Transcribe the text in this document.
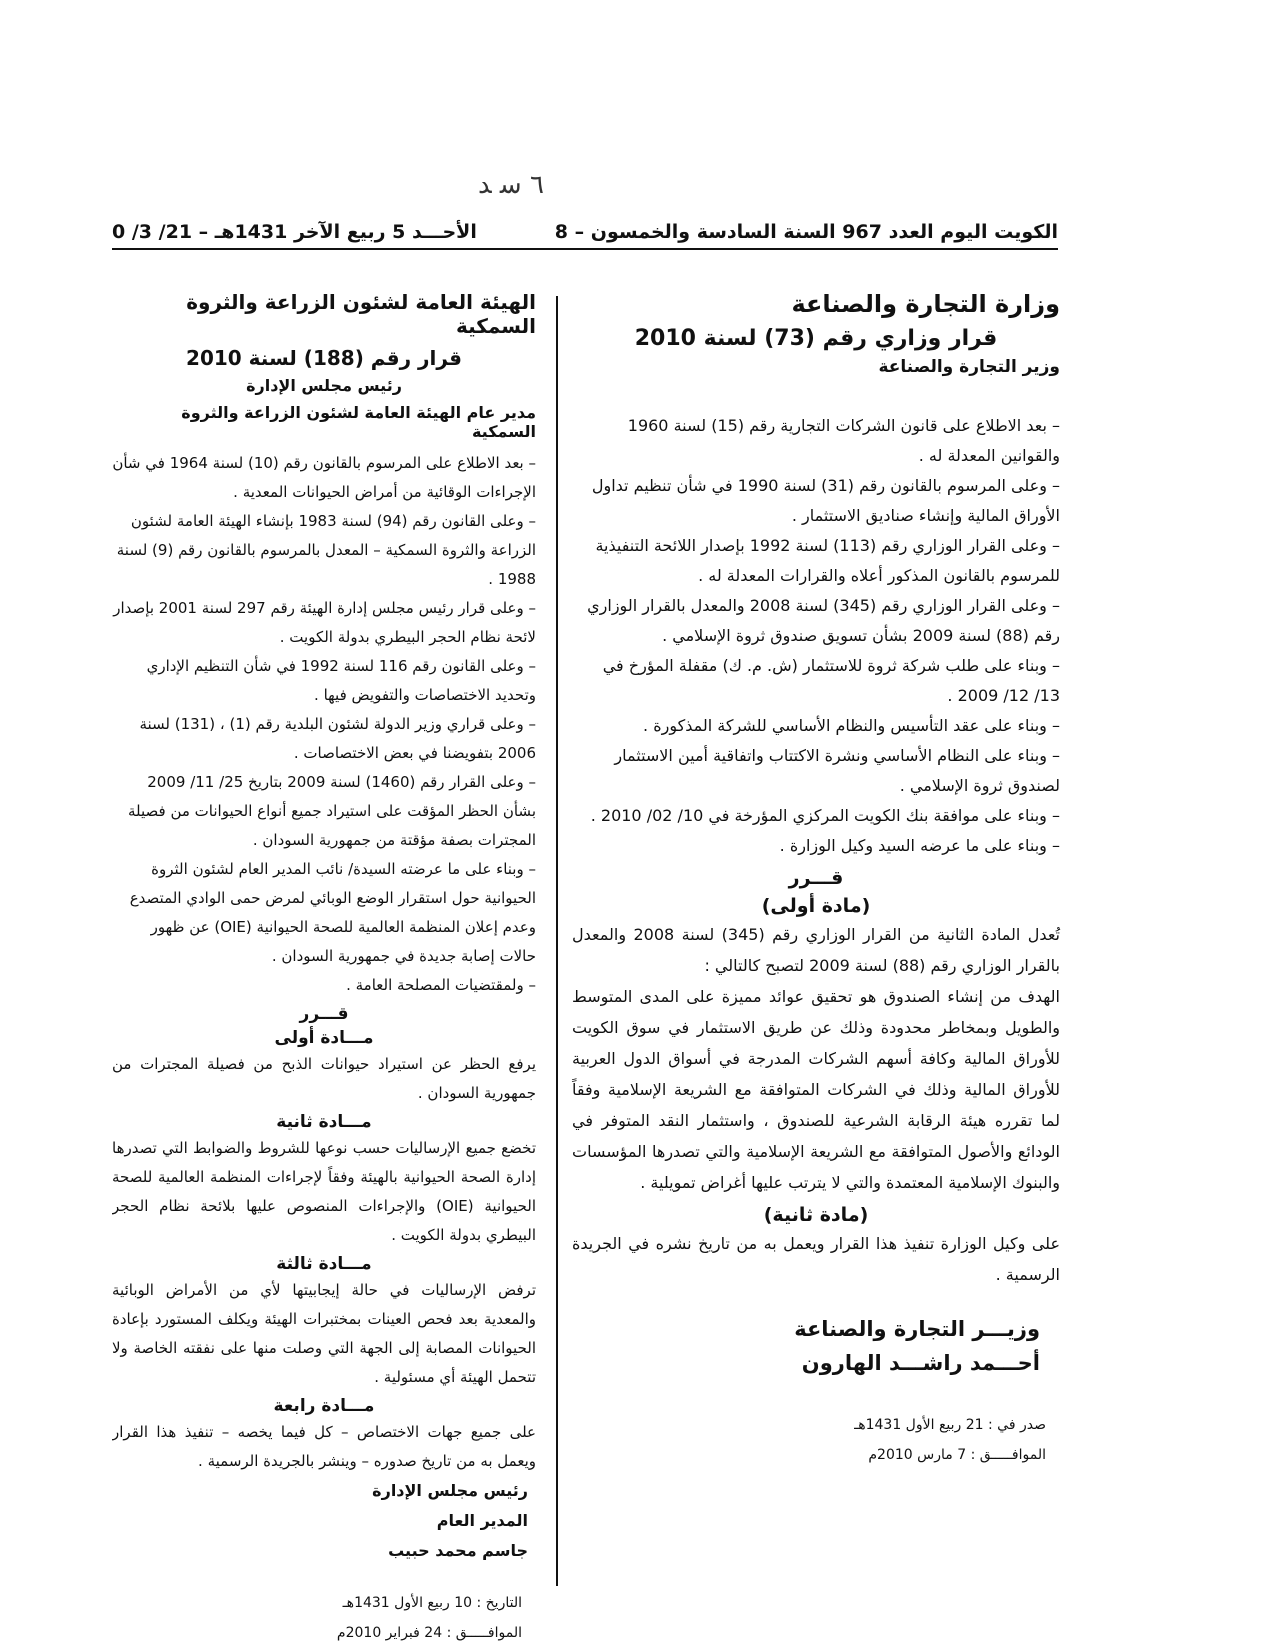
٦ ﺳ ﺪ
الأحـــد 5 ربيع الآخر 1431هـ – 21/ 3/ 0	الكويت اليوم العدد 967 السنة السادسة والخمسون – 8

وزارة التجارة والصناعة

قرار وزاري رقم (73) لسنة 2010

وزير التجارة والصناعة

– بعد الاطلاع على قانون الشركات التجارية رقم (15) لسنة 1960 والقوانين المعدلة له .
– وعلى المرسوم بالقانون رقم (31) لسنة 1990 في شأن تنظيم تداول الأوراق المالية وإنشاء صناديق الاستثمار .
– وعلى القرار الوزاري رقم (113) لسنة 1992 بإصدار اللائحة التنفيذية للمرسوم بالقانون المذكور أعلاه والقرارات المعدلة له .
– وعلى القرار الوزاري رقم (345) لسنة 2008 والمعدل بالقرار الوزاري رقم (88) لسنة 2009 بشأن تسويق صندوق ثروة الإسلامي .
– وبناء على طلب شركة ثروة للاستثمار (ش. م. ك) مقفلة المؤرخ في 13/ 12/ 2009 .
– وبناء على عقد التأسيس والنظام الأساسي للشركة المذكورة .
– وبناء على النظام الأساسي ونشرة الاكتتاب واتفاقية أمين الاستثمار لصندوق ثروة الإسلامي .
– وبناء على موافقة بنك الكويت المركزي المؤرخة في 10/ 02/ 2010 .
– وبناء على ما عرضه السيد وكيل الوزارة .

قـــرر

(مادة أولى)

تُعدل المادة الثانية من القرار الوزاري رقم (345) لسنة 2008 والمعدل بالقرار الوزاري رقم (88) لسنة 2009 لتصبح كالتالي :

الهدف من إنشاء الصندوق هو تحقيق عوائد مميزة على المدى المتوسط والطويل وبمخاطر محدودة وذلك عن طريق الاستثمار في سوق الكويت للأوراق المالية وكافة أسهم الشركات المدرجة في أسواق الدول العربية للأوراق المالية وذلك في الشركات المتوافقة مع الشريعة الإسلامية وفقاً لما تقرره هيئة الرقابة الشرعية للصندوق ، واستثمار النقد المتوفر في الودائع والأصول المتوافقة مع الشريعة الإسلامية والتي تصدرها المؤسسات والبنوك الإسلامية المعتمدة والتي لا يترتب عليها أغراض تمويلية .

(مادة ثانية)

على وكيل الوزارة تنفيذ هذا القرار ويعمل به من تاريخ نشره في الجريدة الرسمية .

وزيـــر التجارة والصناعة

أحـــمد راشـــد الهارون

صدر في : 21 ربيع الأول 1431هـ

الموافـــــق : 7 مارس 2010م

الهيئة العامة لشئون الزراعة والثروة السمكية

قرار رقم (188) لسنة 2010

رئيس مجلس الإدارة

مدير عام الهيئة العامة لشئون الزراعة والثروة السمكية

– بعد الاطلاع على المرسوم بالقانون رقم (10) لسنة 1964 في شأن الإجراءات الوقائية من أمراض الحيوانات المعدية .
– وعلى القانون رقم (94) لسنة 1983 بإنشاء الهيئة العامة لشئون الزراعة والثروة السمكية – المعدل بالمرسوم بالقانون رقم (9) لسنة 1988 .
– وعلى قرار رئيس مجلس إدارة الهيئة رقم 297 لسنة 2001 بإصدار لائحة نظام الحجر البيطري بدولة الكويت .
– وعلى القانون رقم 116 لسنة 1992 في شأن التنظيم الإداري وتحديد الاختصاصات والتفويض فيها .
– وعلى قراري وزير الدولة لشئون البلدية رقم (1) ، (131) لسنة 2006 بتفويضنا في بعض الاختصاصات .
– وعلى القرار رقم (1460) لسنة 2009 بتاريخ 25/ 11/ 2009 بشأن الحظر المؤقت على استيراد جميع أنواع الحيوانات من فصيلة المجترات بصفة مؤقتة من جمهورية السودان .
– وبناء على ما عرضته السيدة/ نائب المدير العام لشئون الثروة الحيوانية حول استقرار الوضع الوبائي لمرض حمى الوادي المتصدع وعدم إعلان المنظمة العالمية للصحة الحيوانية (OIE) عن ظهور حالات إصابة جديدة في جمهورية السودان .
– ولمقتضيات المصلحة العامة .

قـــرر

مـــادة أولى

يرفع الحظر عن استيراد حيوانات الذبح من فصيلة المجترات من جمهورية السودان .

مـــادة ثانية

تخضع جميع الإرساليات حسب نوعها للشروط والضوابط التي تصدرها إدارة الصحة الحيوانية بالهيئة وفقاً لإجراءات المنظمة العالمية للصحة الحيوانية (OIE) والإجراءات المنصوص عليها بلائحة نظام الحجر البيطري بدولة الكويت .

مـــادة ثالثة

ترفض الإرساليات في حالة إيجابيتها لأي من الأمراض الوبائية والمعدية بعد فحص العينات بمختبرات الهيئة ويكلف المستورد بإعادة الحيوانات المصابة إلى الجهة التي وصلت منها على نفقته الخاصة ولا تتحمل الهيئة أي مسئولية .

مـــادة رابعة

على جميع جهات الاختصاص – كل فيما يخصه – تنفيذ هذا القرار ويعمل به من تاريخ صدوره – وينشر بالجريدة الرسمية .

رئيس مجلس الإدارة

المدير العام

جاسم محمد حبيب

التاريخ : 10 ربيع الأول 1431هـ

الموافـــــق : 24 فبراير 2010م
